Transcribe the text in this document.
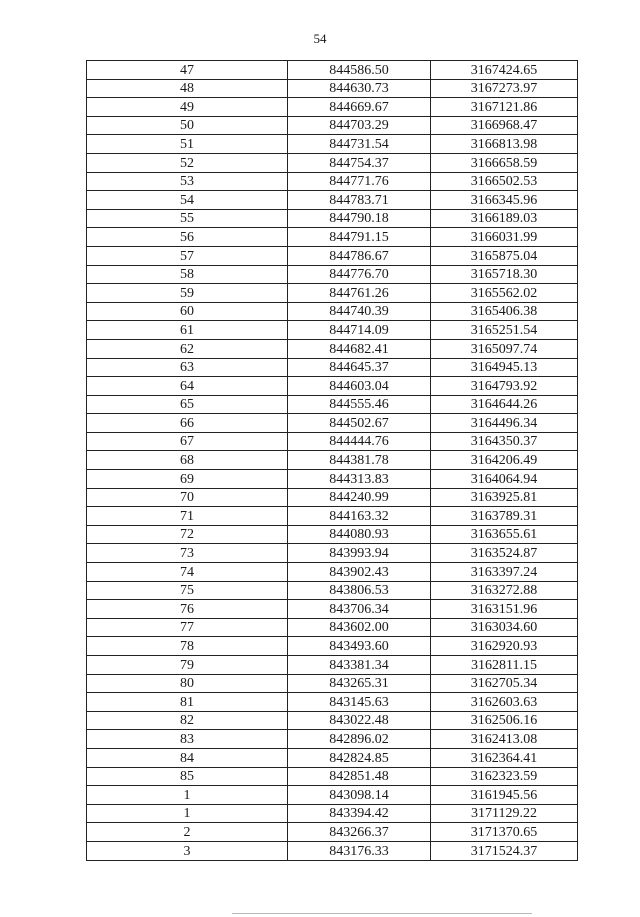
54
47	844586.50	3167424.65
48	844630.73	3167273.97
49	844669.67	3167121.86
50	844703.29	3166968.47
51	844731.54	3166813.98
52	844754.37	3166658.59
53	844771.76	3166502.53
54	844783.71	3166345.96
55	844790.18	3166189.03
56	844791.15	3166031.99
57	844786.67	3165875.04
58	844776.70	3165718.30
59	844761.26	3165562.02
60	844740.39	3165406.38
61	844714.09	3165251.54
62	844682.41	3165097.74
63	844645.37	3164945.13
64	844603.04	3164793.92
65	844555.46	3164644.26
66	844502.67	3164496.34
67	844444.76	3164350.37
68	844381.78	3164206.49
69	844313.83	3164064.94
70	844240.99	3163925.81
71	844163.32	3163789.31
72	844080.93	3163655.61
73	843993.94	3163524.87
74	843902.43	3163397.24
75	843806.53	3163272.88
76	843706.34	3163151.96
77	843602.00	3163034.60
78	843493.60	3162920.93
79	843381.34	3162811.15
80	843265.31	3162705.34
81	843145.63	3162603.63
82	843022.48	3162506.16
83	842896.02	3162413.08
84	842824.85	3162364.41
85	842851.48	3162323.59
1	843098.14	3161945.56
1	843394.42	3171129.22
2	843266.37	3171370.65
3	843176.33	3171524.37
